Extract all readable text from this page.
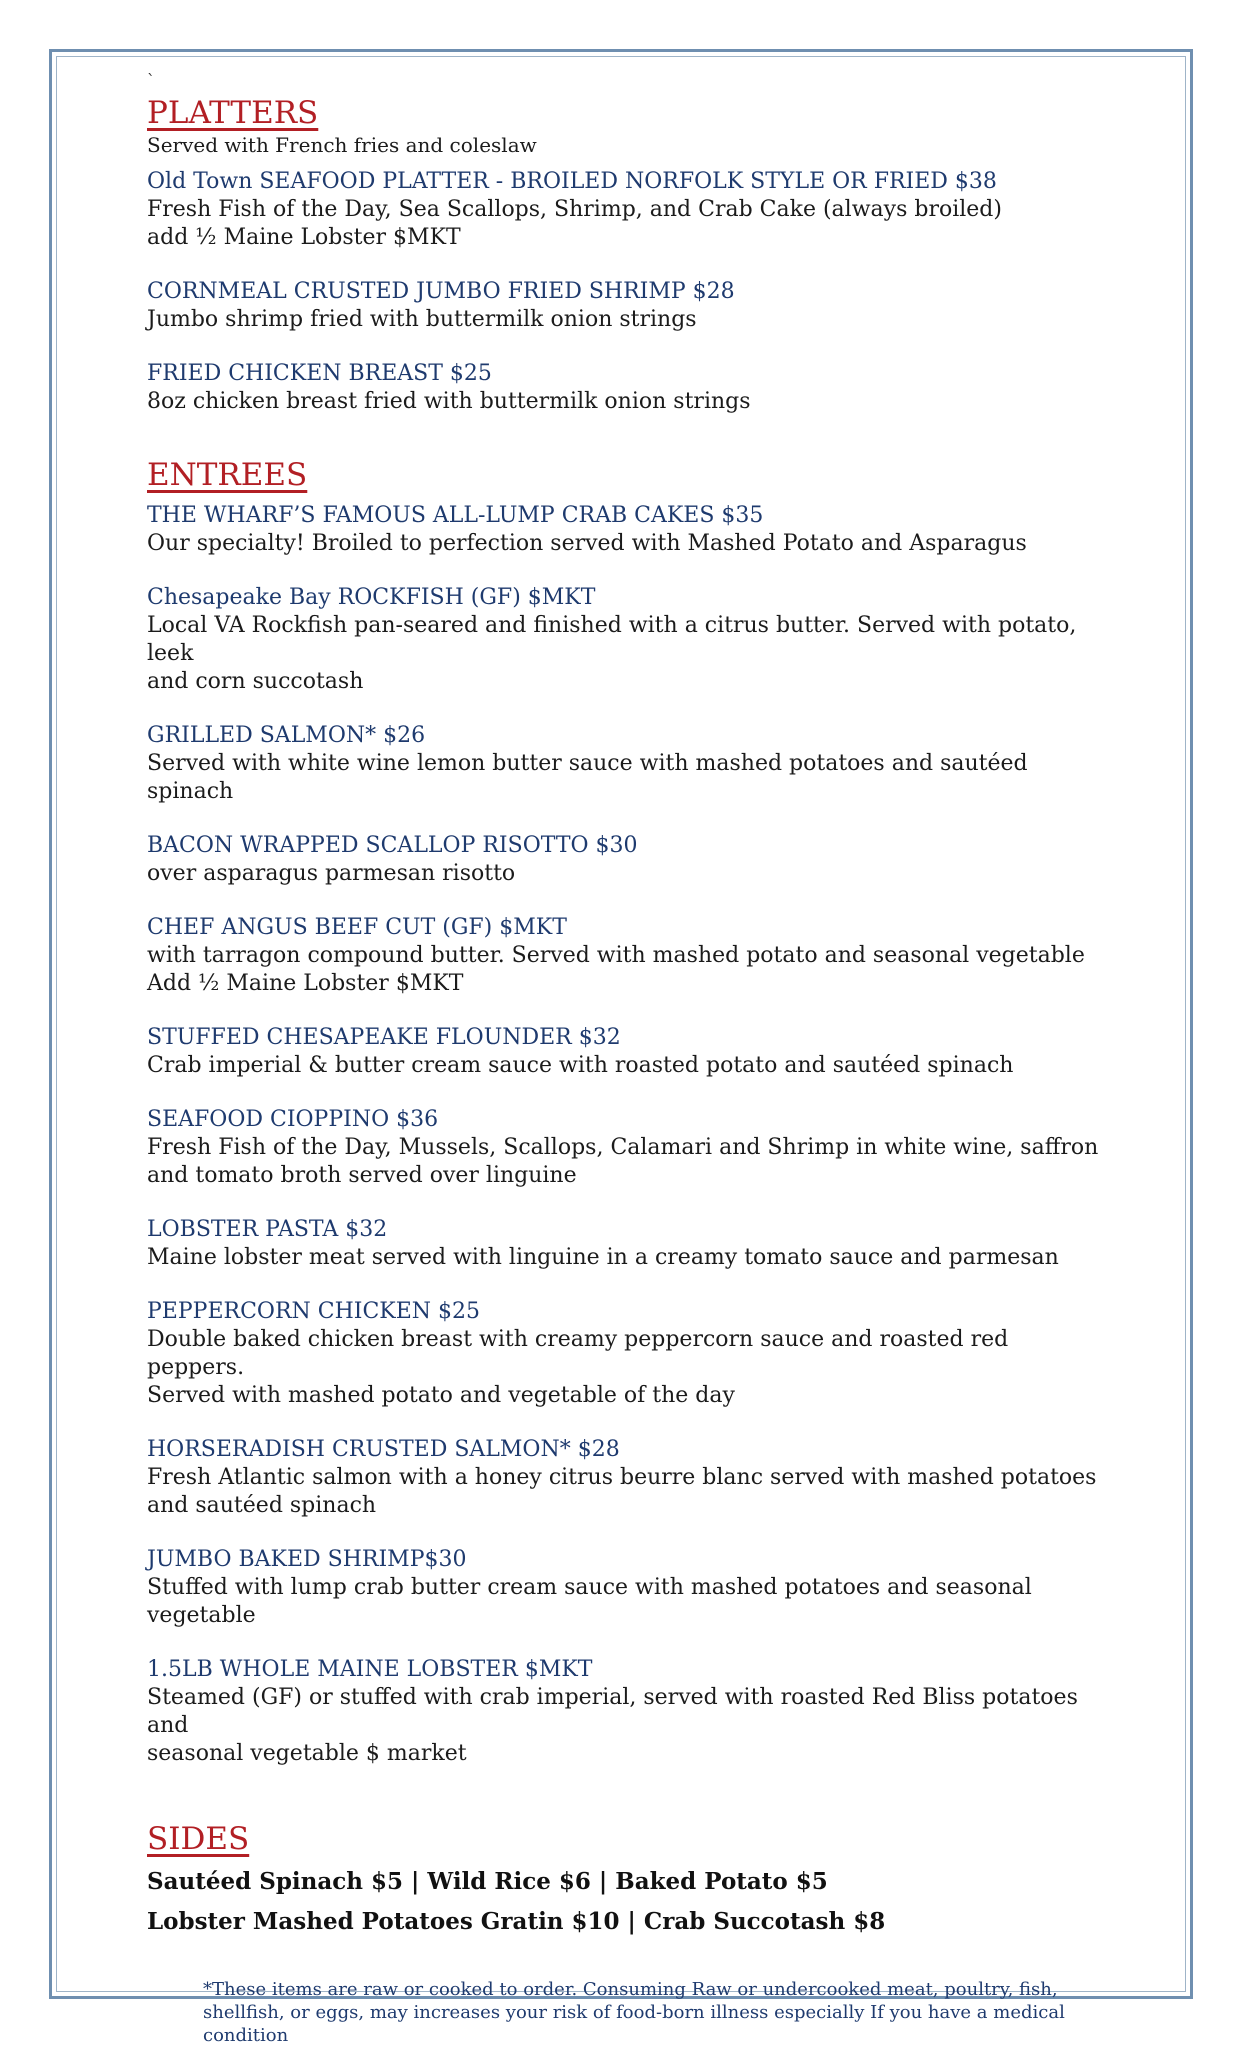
`
PLATTERS
Served with French fries and coleslaw
Old Town SEAFOOD PLATTER - BROILED NORFOLK STYLE OR FRIED $38
Fresh Fish of the Day, Sea Scallops, Shrimp, and Crab Cake (always broiled)
add ½ Maine Lobster $MKT
CORNMEAL CRUSTED JUMBO FRIED SHRIMP $28
Jumbo shrimp fried with buttermilk onion strings
FRIED CHICKEN BREAST $25
8oz chicken breast fried with buttermilk onion strings
ENTREES
THE WHARF’S FAMOUS ALL-LUMP CRAB CAKES $35
Our specialty! Broiled to perfection served with Mashed Potato and Asparagus
Chesapeake Bay ROCKFISH (GF) $MKT
Local VA Rockfish pan-seared and finished with a citrus butter. Served with potato, leek
and corn succotash
GRILLED SALMON* $26
Served with white wine lemon butter sauce with mashed potatoes and sautéed spinach
BACON WRAPPED SCALLOP RISOTTO $30
over asparagus parmesan risotto
CHEF ANGUS BEEF CUT (GF) $MKT
with tarragon compound butter. Served with mashed potato and seasonal vegetable
Add ½ Maine Lobster $MKT
STUFFED CHESAPEAKE FLOUNDER $32
Crab imperial & butter cream sauce with roasted potato and sautéed spinach
SEAFOOD CIOPPINO $36
Fresh Fish of the Day, Mussels, Scallops, Calamari and Shrimp in white wine, saffron
and tomato broth served over linguine
LOBSTER PASTA $32
Maine lobster meat served with linguine in a creamy tomato sauce and parmesan
PEPPERCORN CHICKEN $25
Double baked chicken breast with creamy peppercorn sauce and roasted red peppers.
Served with mashed potato and vegetable of the day
HORSERADISH CRUSTED SALMON* $28
Fresh Atlantic salmon with a honey citrus beurre blanc served with mashed potatoes
and sautéed spinach
JUMBO BAKED SHRIMP$30
Stuffed with lump crab butter cream sauce with mashed potatoes and seasonal vegetable
1.5LB WHOLE MAINE LOBSTER $MKT
Steamed (GF) or stuffed with crab imperial, served with roasted Red Bliss potatoes and
seasonal vegetable $ market
SIDES
Sautéed Spinach $5 | Wild Rice $6 | Baked Potato $5
Lobster Mashed Potatoes Gratin $10 | Crab Succotash $8
*These items are raw or cooked to order. Consuming Raw or undercooked meat, poultry, fish,
shellfish, or eggs, may increases your risk of food-born illness especially If you have a medical
condition
